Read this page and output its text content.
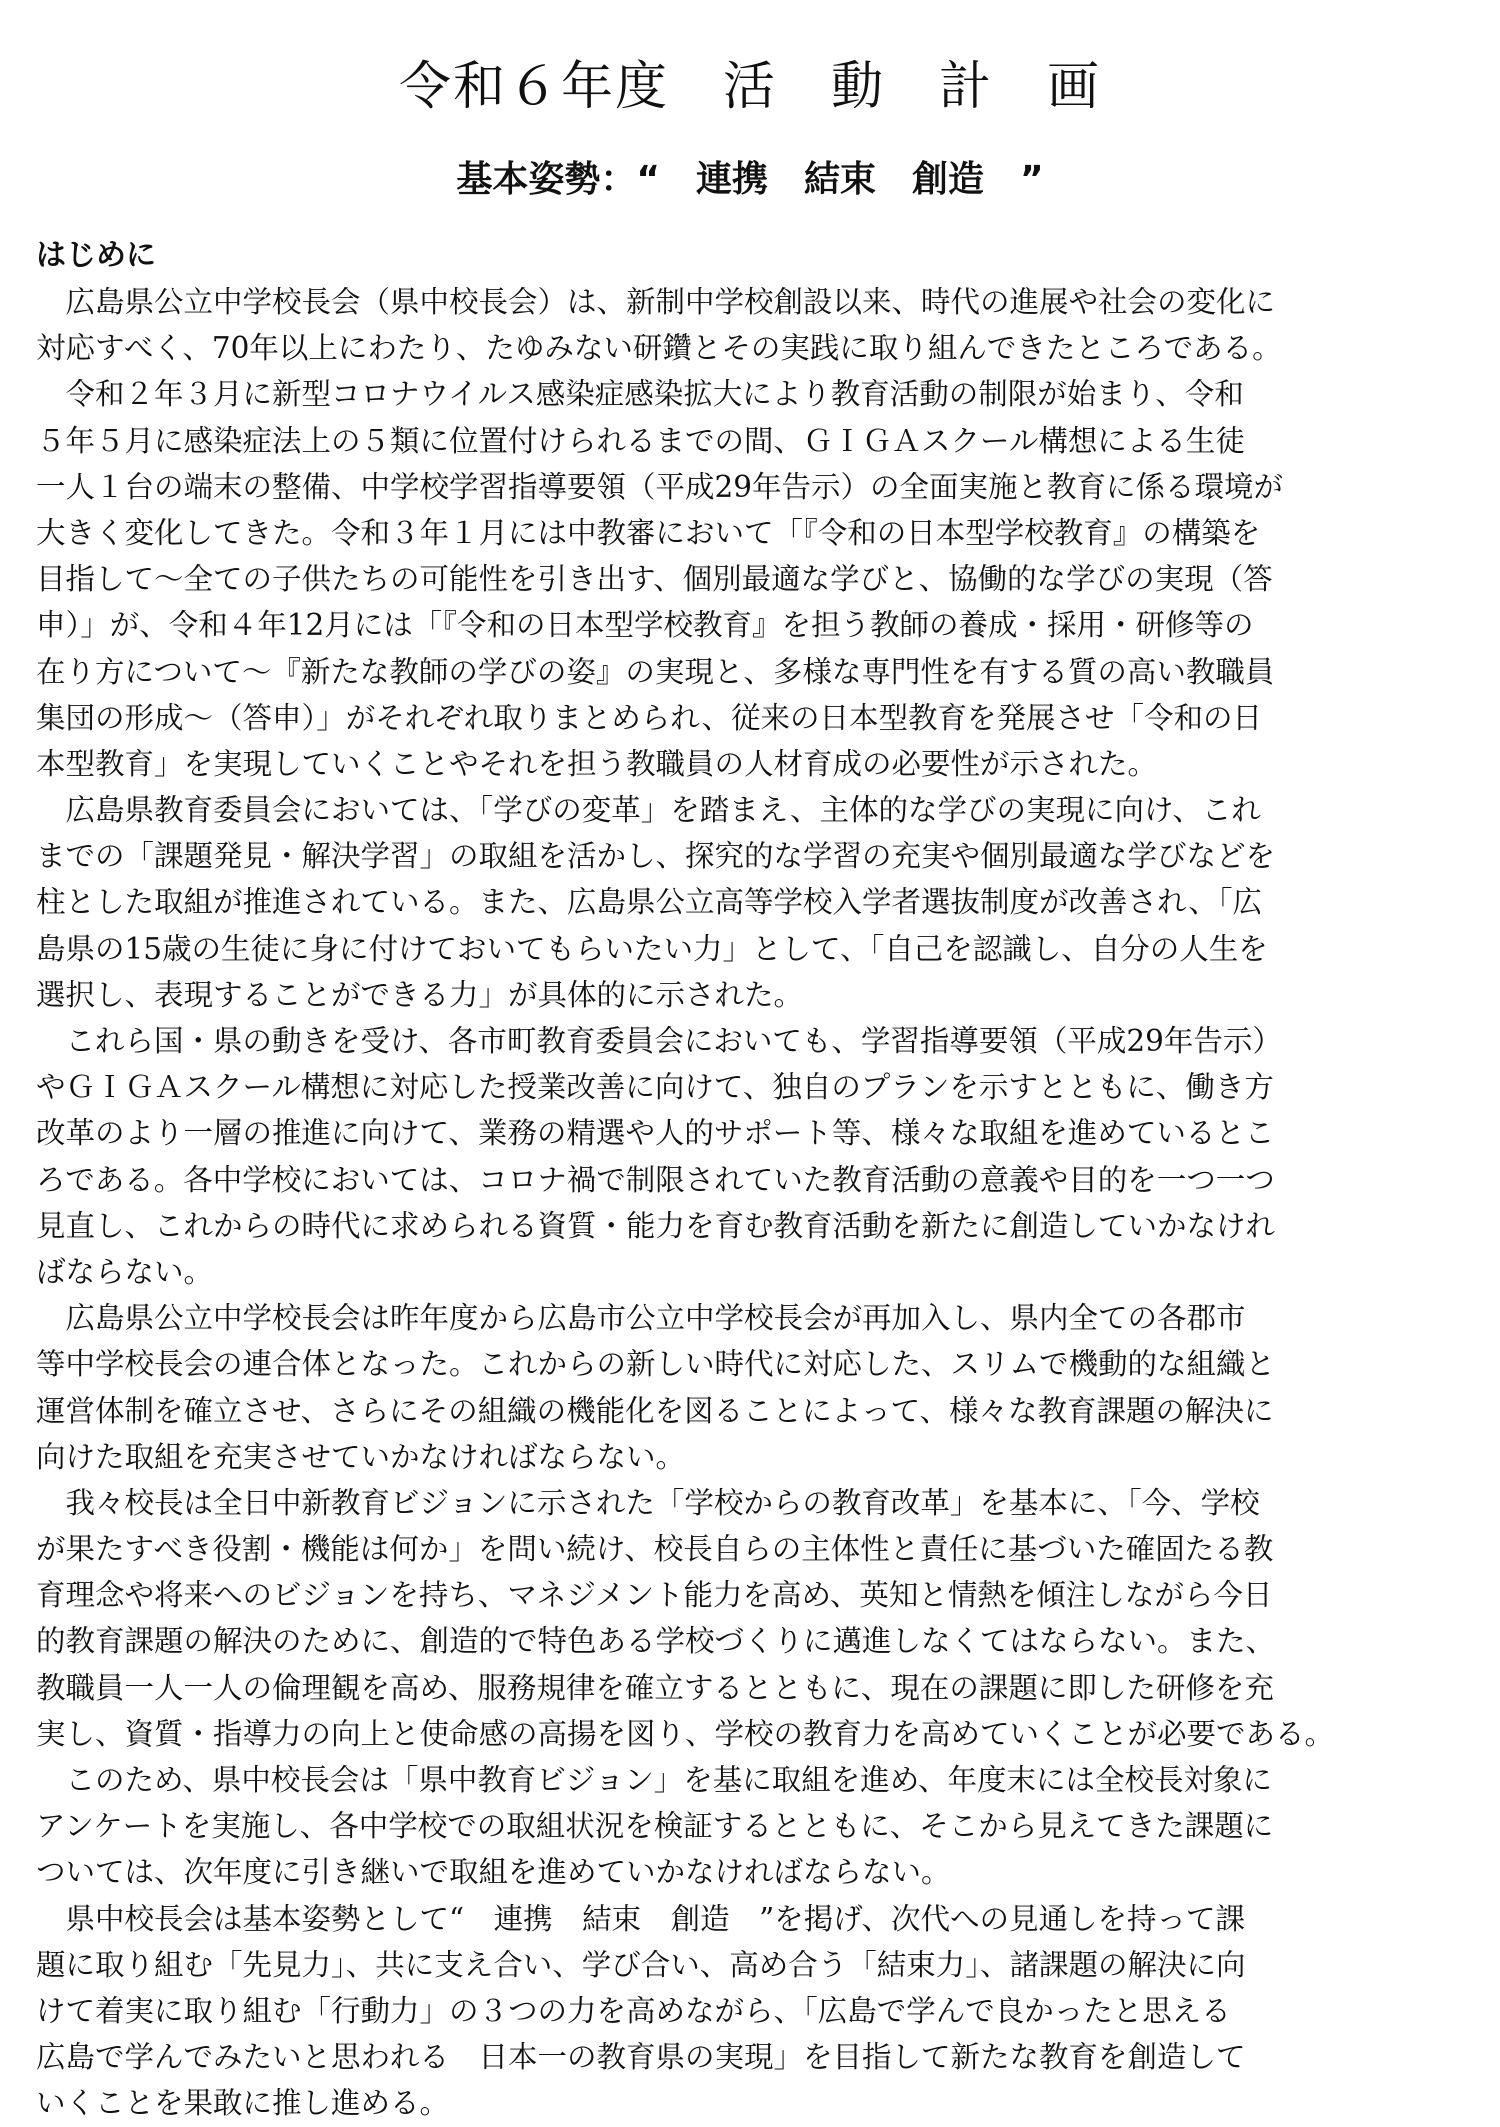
令和６年度　活　動　計　画
基本姿勢：“　連携　結束　創造　”
はじめに

　広島県公立中学校長会（県中校長会）は、新制中学校創設以来、時代の進展や社会の変化に
対応すべく、70年以上にわたり、たゆみない研鑽とその実践に取り組んできたところである。

　令和２年３月に新型コロナウイルス感染症感染拡大により教育活動の制限が始まり、令和
５年５月に感染症法上の５類に位置付けられるまでの間、ＧＩＧＡスクール構想による生徒
一人１台の端末の整備、中学校学習指導要領（平成29年告示）の全面実施と教育に係る環境が
大きく変化してきた。令和３年１月には中教審において「『令和の日本型学校教育』の構築を
目指して～全ての子供たちの可能性を引き出す、個別最適な学びと、協働的な学びの実現（答
申）」が、令和４年12月には「『令和の日本型学校教育』を担う教師の養成・採用・研修等の
在り方について～『新たな教師の学びの姿』の実現と、多様な専門性を有する質の高い教職員
集団の形成～（答申）」がそれぞれ取りまとめられ、従来の日本型教育を発展させ「令和の日
本型教育」を実現していくことやそれを担う教職員の人材育成の必要性が示された。

　広島県教育委員会においては、「学びの変革」を踏まえ、主体的な学びの実現に向け、これ
までの「課題発見・解決学習」の取組を活かし、探究的な学習の充実や個別最適な学びなどを
柱とした取組が推進されている。また、広島県公立高等学校入学者選抜制度が改善され、「広
島県の15歳の生徒に身に付けておいてもらいたい力」として、「自己を認識し、自分の人生を
選択し、表現することができる力」が具体的に示された。

　これら国・県の動きを受け、各市町教育委員会においても、学習指導要領（平成29年告示）
やＧＩＧＡスクール構想に対応した授業改善に向けて、独自のプランを示すとともに、働き方
改革のより一層の推進に向けて、業務の精選や人的サポート等、様々な取組を進めているとこ
ろである。各中学校においては、コロナ禍で制限されていた教育活動の意義や目的を一つ一つ
見直し、これからの時代に求められる資質・能力を育む教育活動を新たに創造していかなけれ
ばならない。

　広島県公立中学校長会は昨年度から広島市公立中学校長会が再加入し、県内全ての各郡市
等中学校長会の連合体となった。これからの新しい時代に対応した、スリムで機動的な組織と
運営体制を確立させ、さらにその組織の機能化を図ることによって、様々な教育課題の解決に
向けた取組を充実させていかなければならない。

　我々校長は全日中新教育ビジョンに示された「学校からの教育改革」を基本に、「今、学校
が果たすべき役割・機能は何か」を問い続け、校長自らの主体性と責任に基づいた確固たる教
育理念や将来へのビジョンを持ち、マネジメント能力を高め、英知と情熱を傾注しながら今日
的教育課題の解決のために、創造的で特色ある学校づくりに邁進しなくてはならない。また、
教職員一人一人の倫理観を高め、服務規律を確立するとともに、現在の課題に即した研修を充
実し、資質・指導力の向上と使命感の高揚を図り、学校の教育力を高めていくことが必要である。

　このため、県中校長会は「県中教育ビジョン」を基に取組を進め、年度末には全校長対象に
アンケートを実施し、各中学校での取組状況を検証するとともに、そこから見えてきた課題に
ついては、次年度に引き継いで取組を進めていかなければならない。

　県中校長会は基本姿勢として“　連携　結束　創造　”を掲げ、次代への見通しを持って課
題に取り組む「先見力」、共に支え合い、学び合い、高め合う「結束力」、諸課題の解決に向
けて着実に取り組む「行動力」の３つの力を高めながら、「広島で学んで良かったと思える
広島で学んでみたいと思われる　日本一の教育県の実現」を目指して新たな教育を創造して
いくことを果敢に推し進める。
